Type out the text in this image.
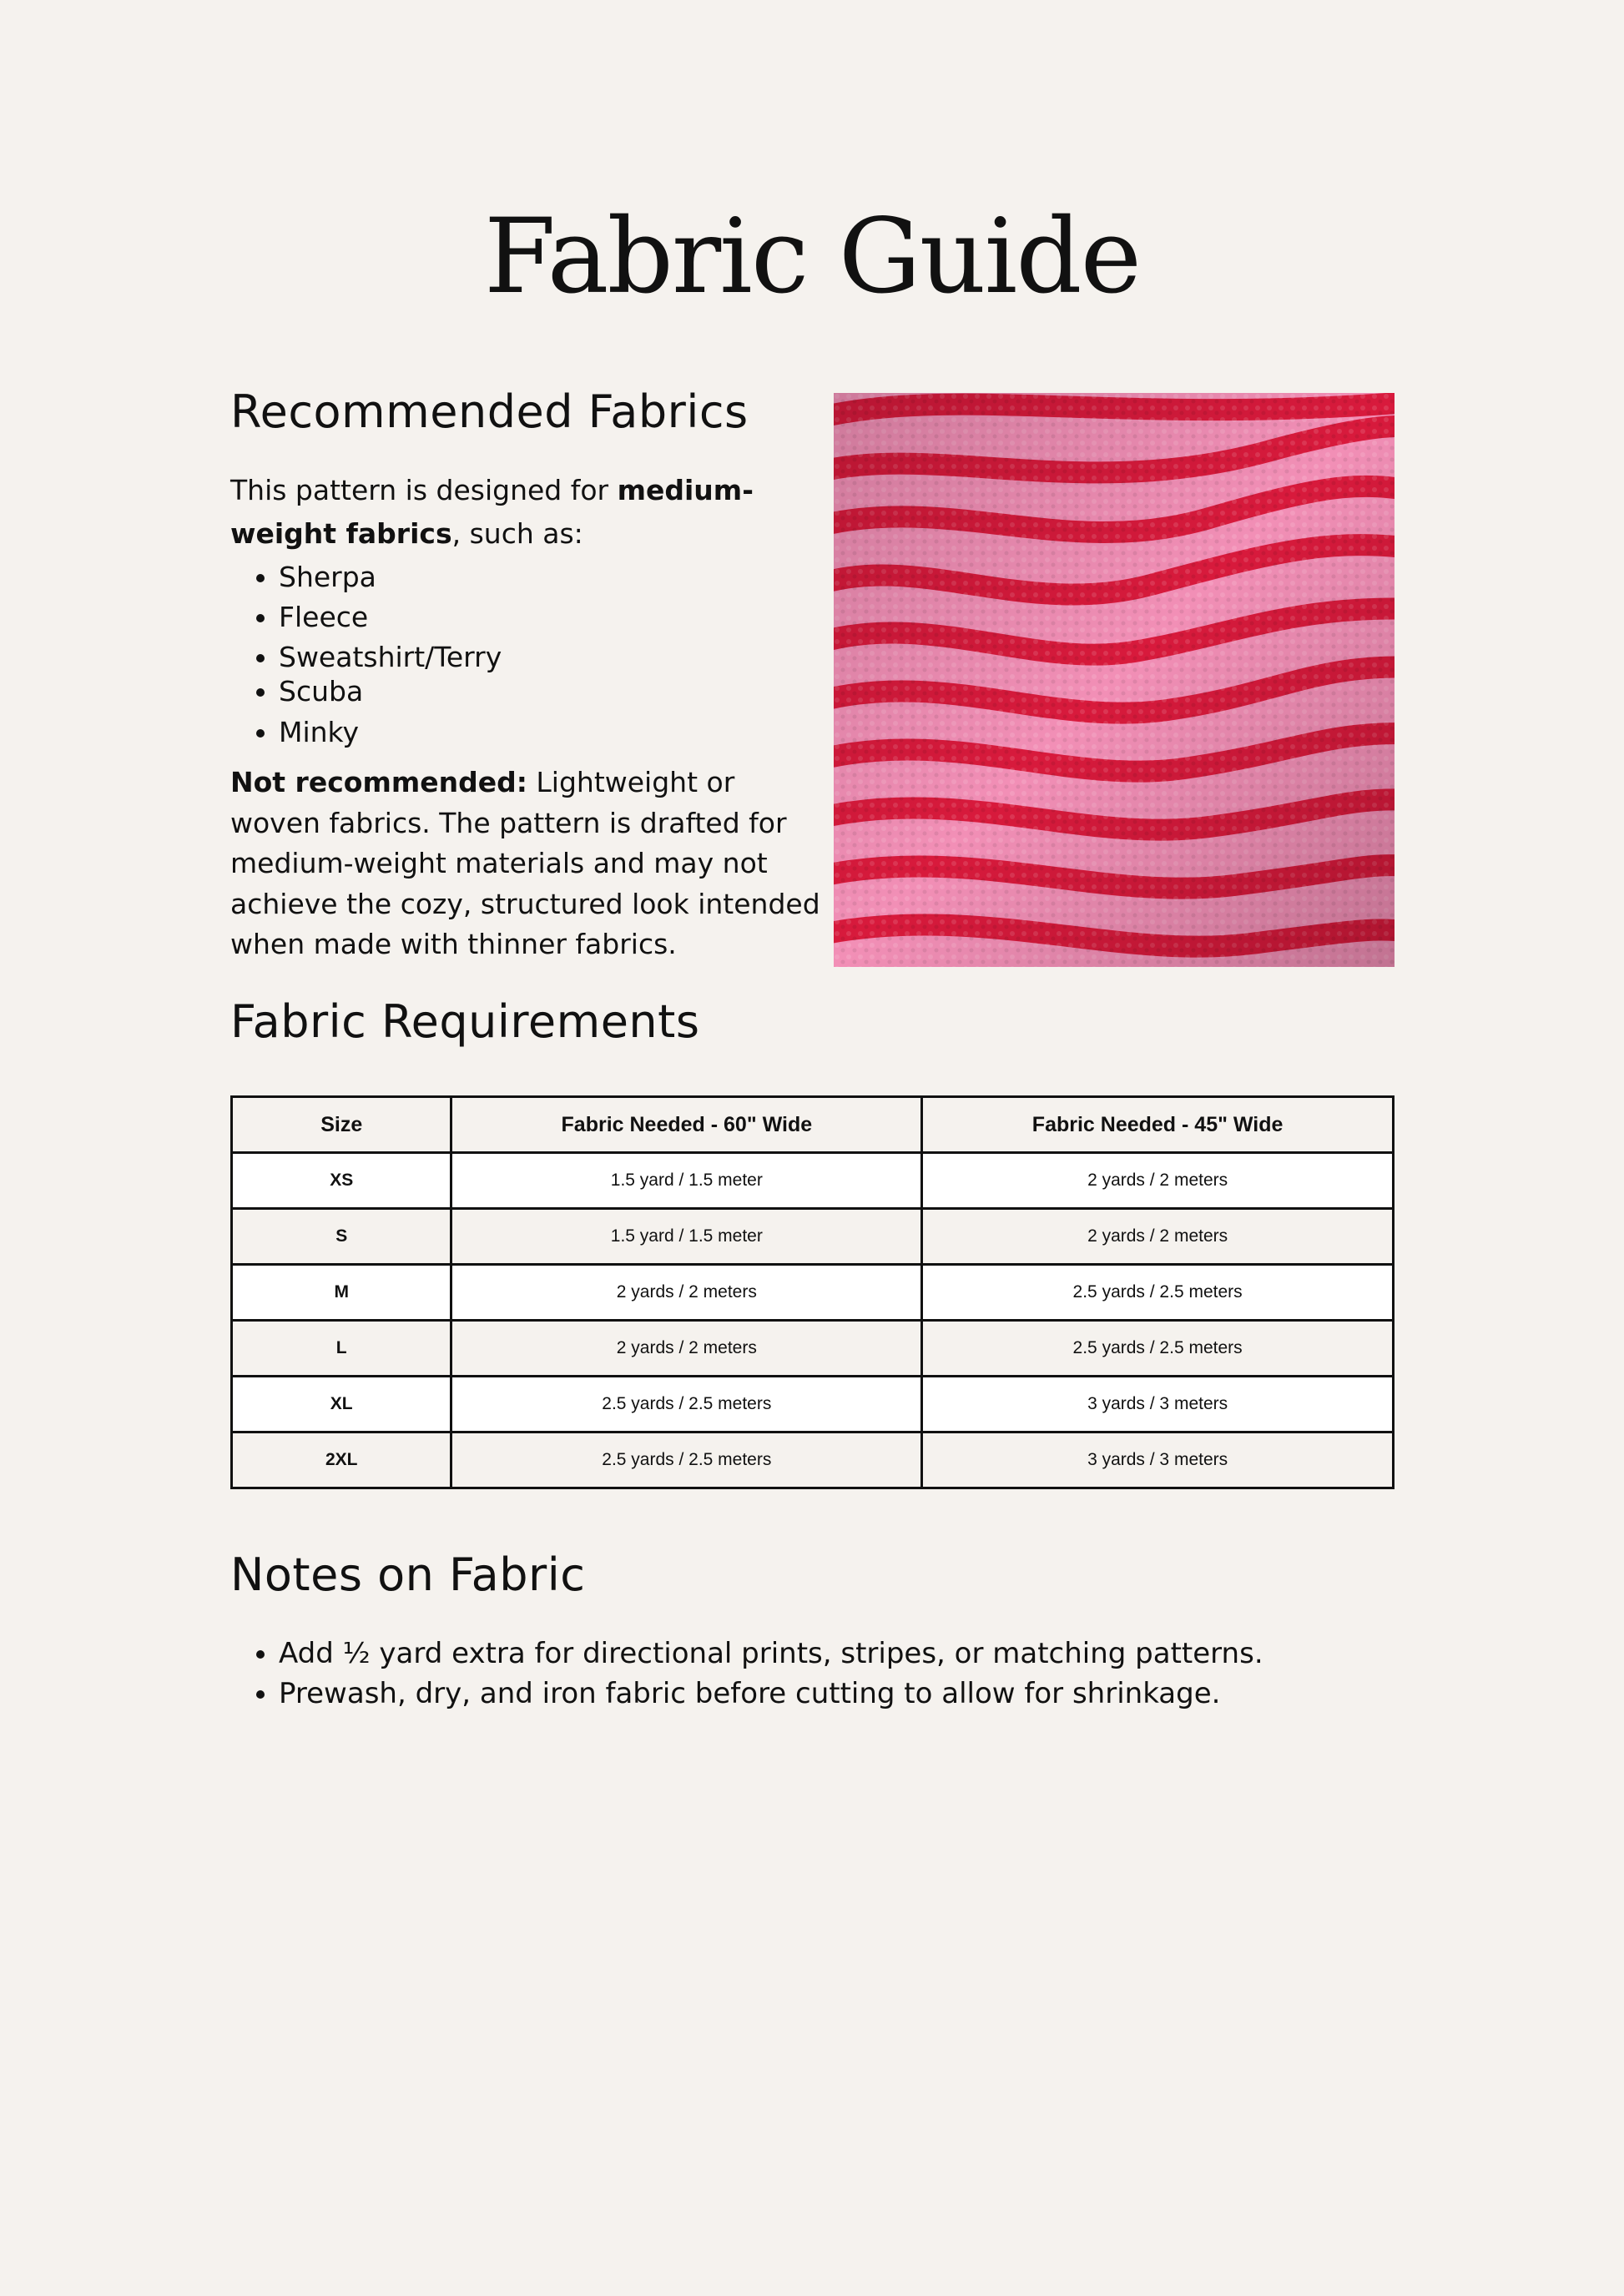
Fabric Guide
Recommended Fabrics

This pattern is designed for medium-weight fabrics, such as:

• Sherpa
• Fleece
• Sweatshirt/Terry
• Scuba
• Minky

Not recommended: Lightweight or woven fabrics. The pattern is drafted for medium-weight materials and may not achieve the cozy, structured look intended when made with thinner fabrics.

Fabric Requirements
Size	Fabric Needed - 60" Wide	Fabric Needed - 45" Wide
XS	1.5 yard / 1.5 meter	2 yards / 2 meters
S	1.5 yard / 1.5 meter	2 yards / 2 meters
M	2 yards / 2 meters	2.5 yards / 2.5 meters
L	2 yards / 2 meters	2.5 yards / 2.5 meters
XL	2.5 yards / 2.5 meters	3 yards / 3 meters
2XL	2.5 yards / 2.5 meters	3 yards / 3 meters
Notes on Fabric
• Add ½ yard extra for directional prints, stripes, or matching patterns.
• Prewash, dry, and iron fabric before cutting to allow for shrinkage.
